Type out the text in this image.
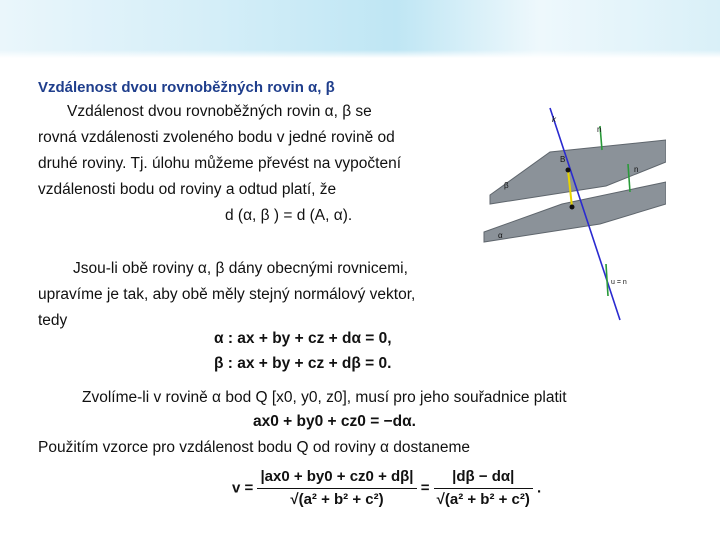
Vzdálenost dvou rovnoběžných rovin α, β
Vzdálenost dvou rovnoběžných rovin α, β se
rovná vzdálenosti zvoleného bodu v jedné rovině od
druhé roviny. Tj. úlohu můžeme převést na vypočtení
vzdálenosti bodu od roviny a odtud platí, že
d (α, β ) = d (A, α).
Jsou-li obě roviny α, β dány obecnými rovnicemi,
upravíme je tak, aby obě měly stejný normálový vektor,
tedy
α : ax + by + cz + dα = 0,
β : ax + by + cz + dβ = 0.
Zvolíme-li v rovině α bod Q [x0, y0, z0], musí pro jeho souřadnice platit
ax0 + by0 + cz0 = −dα.
Použitím vzorce pro vzdálenost bodu Q od roviny α dostaneme
$v = \frac{|ax0 + by0 + cz0 + d\beta|}{\text{√(a² + b² + c²)}} = \frac{|d\beta - d\alpha|}{\text{√(a² + b² + c²)}}$ .
k
n
B
β
n
α
u = n
